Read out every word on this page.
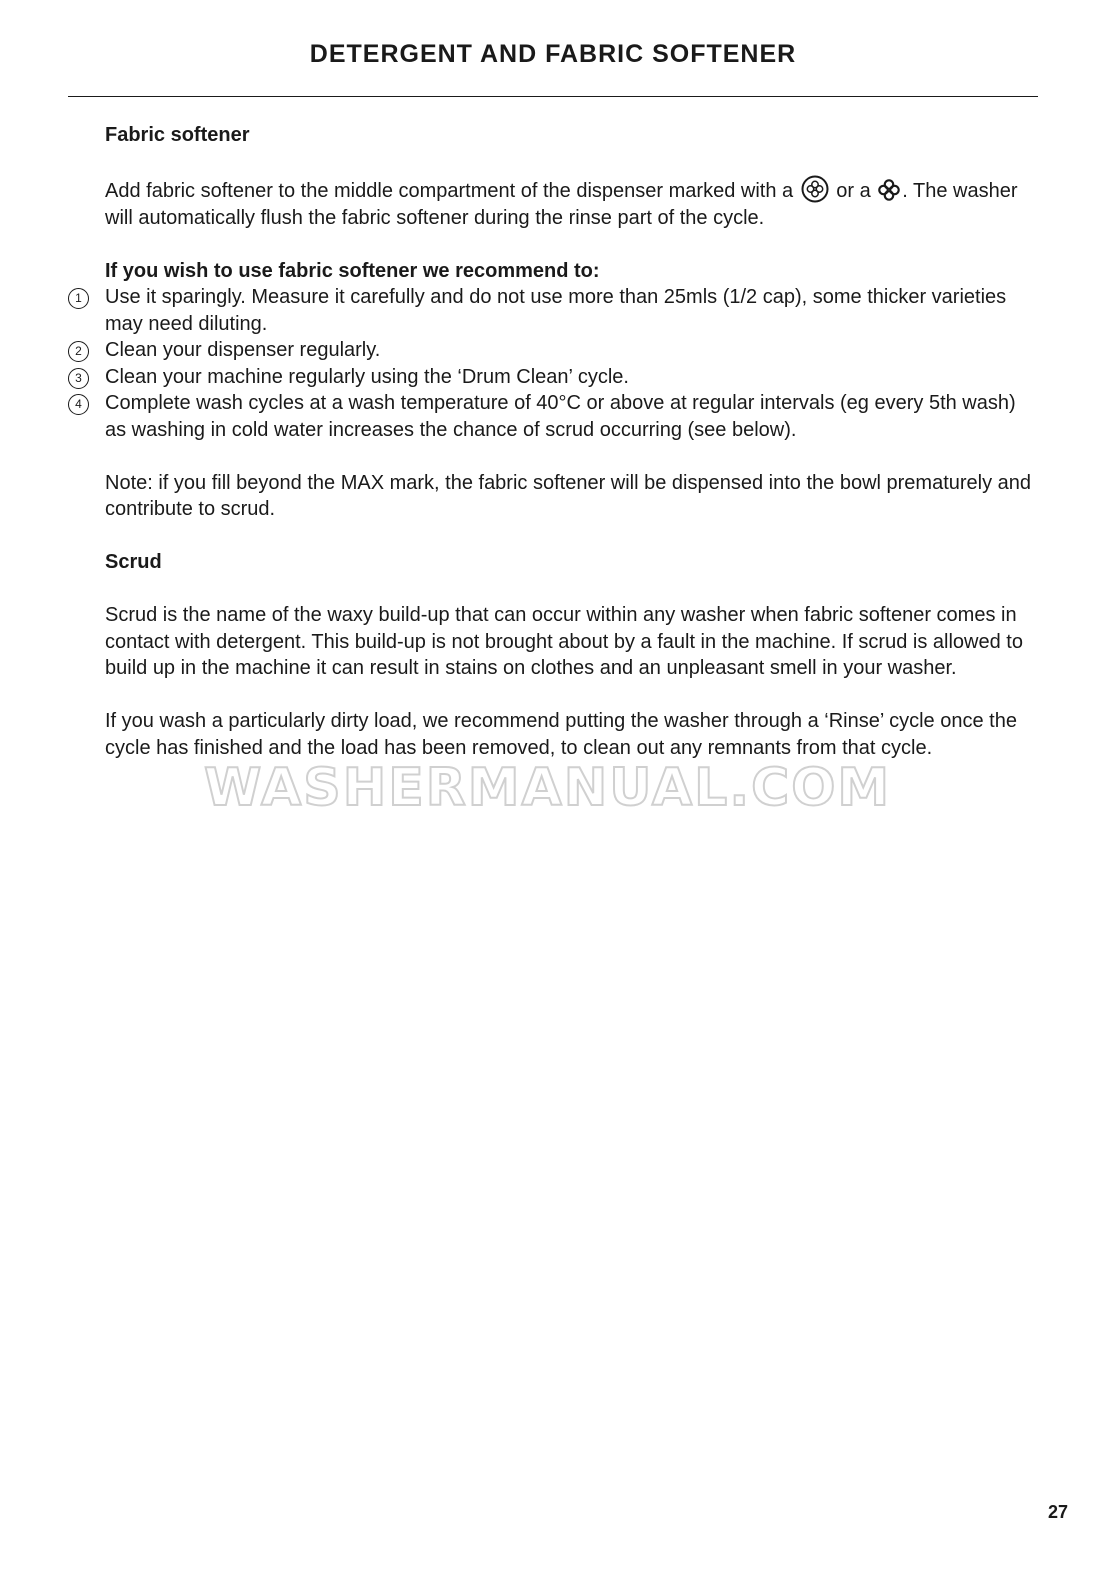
DETERGENT AND FABRIC SOFTENER

Fabric softener

Add fabric softener to the middle compartment of the dispenser marked with a or a . The washer will automatically flush the fabric softener during the rinse part of the cycle.

If you wish to use fabric softener we recommend to:

1	Use it sparingly. Measure it carefully and do not use more than 25mls (1/2 cap), some thicker varieties may need diluting.
2	Clean your dispenser regularly.
3	Clean your machine regularly using the ‘Drum Clean’ cycle.
4	Complete wash cycles at a wash temperature of 40°C or above at regular intervals (eg every 5th wash) as washing in cold water increases the chance of scrud occurring (see below).

Note: if you fill beyond the MAX mark, the fabric softener will be dispensed into the bowl prematurely and contribute to scrud.

Scrud

Scrud is the name of the waxy build-up that can occur within any washer when fabric softener comes in contact with detergent. This build-up is not brought about by a fault in the machine. If scrud is allowed to build up in the machine it can result in stains on clothes and an unpleasant smell in your washer.

If you wash a particularly dirty load, we recommend putting the washer through a ‘Rinse’ cycle once the cycle has finished and the load has been removed, to clean out any remnants from that cycle.

WASHERMANUAL.COM
27
